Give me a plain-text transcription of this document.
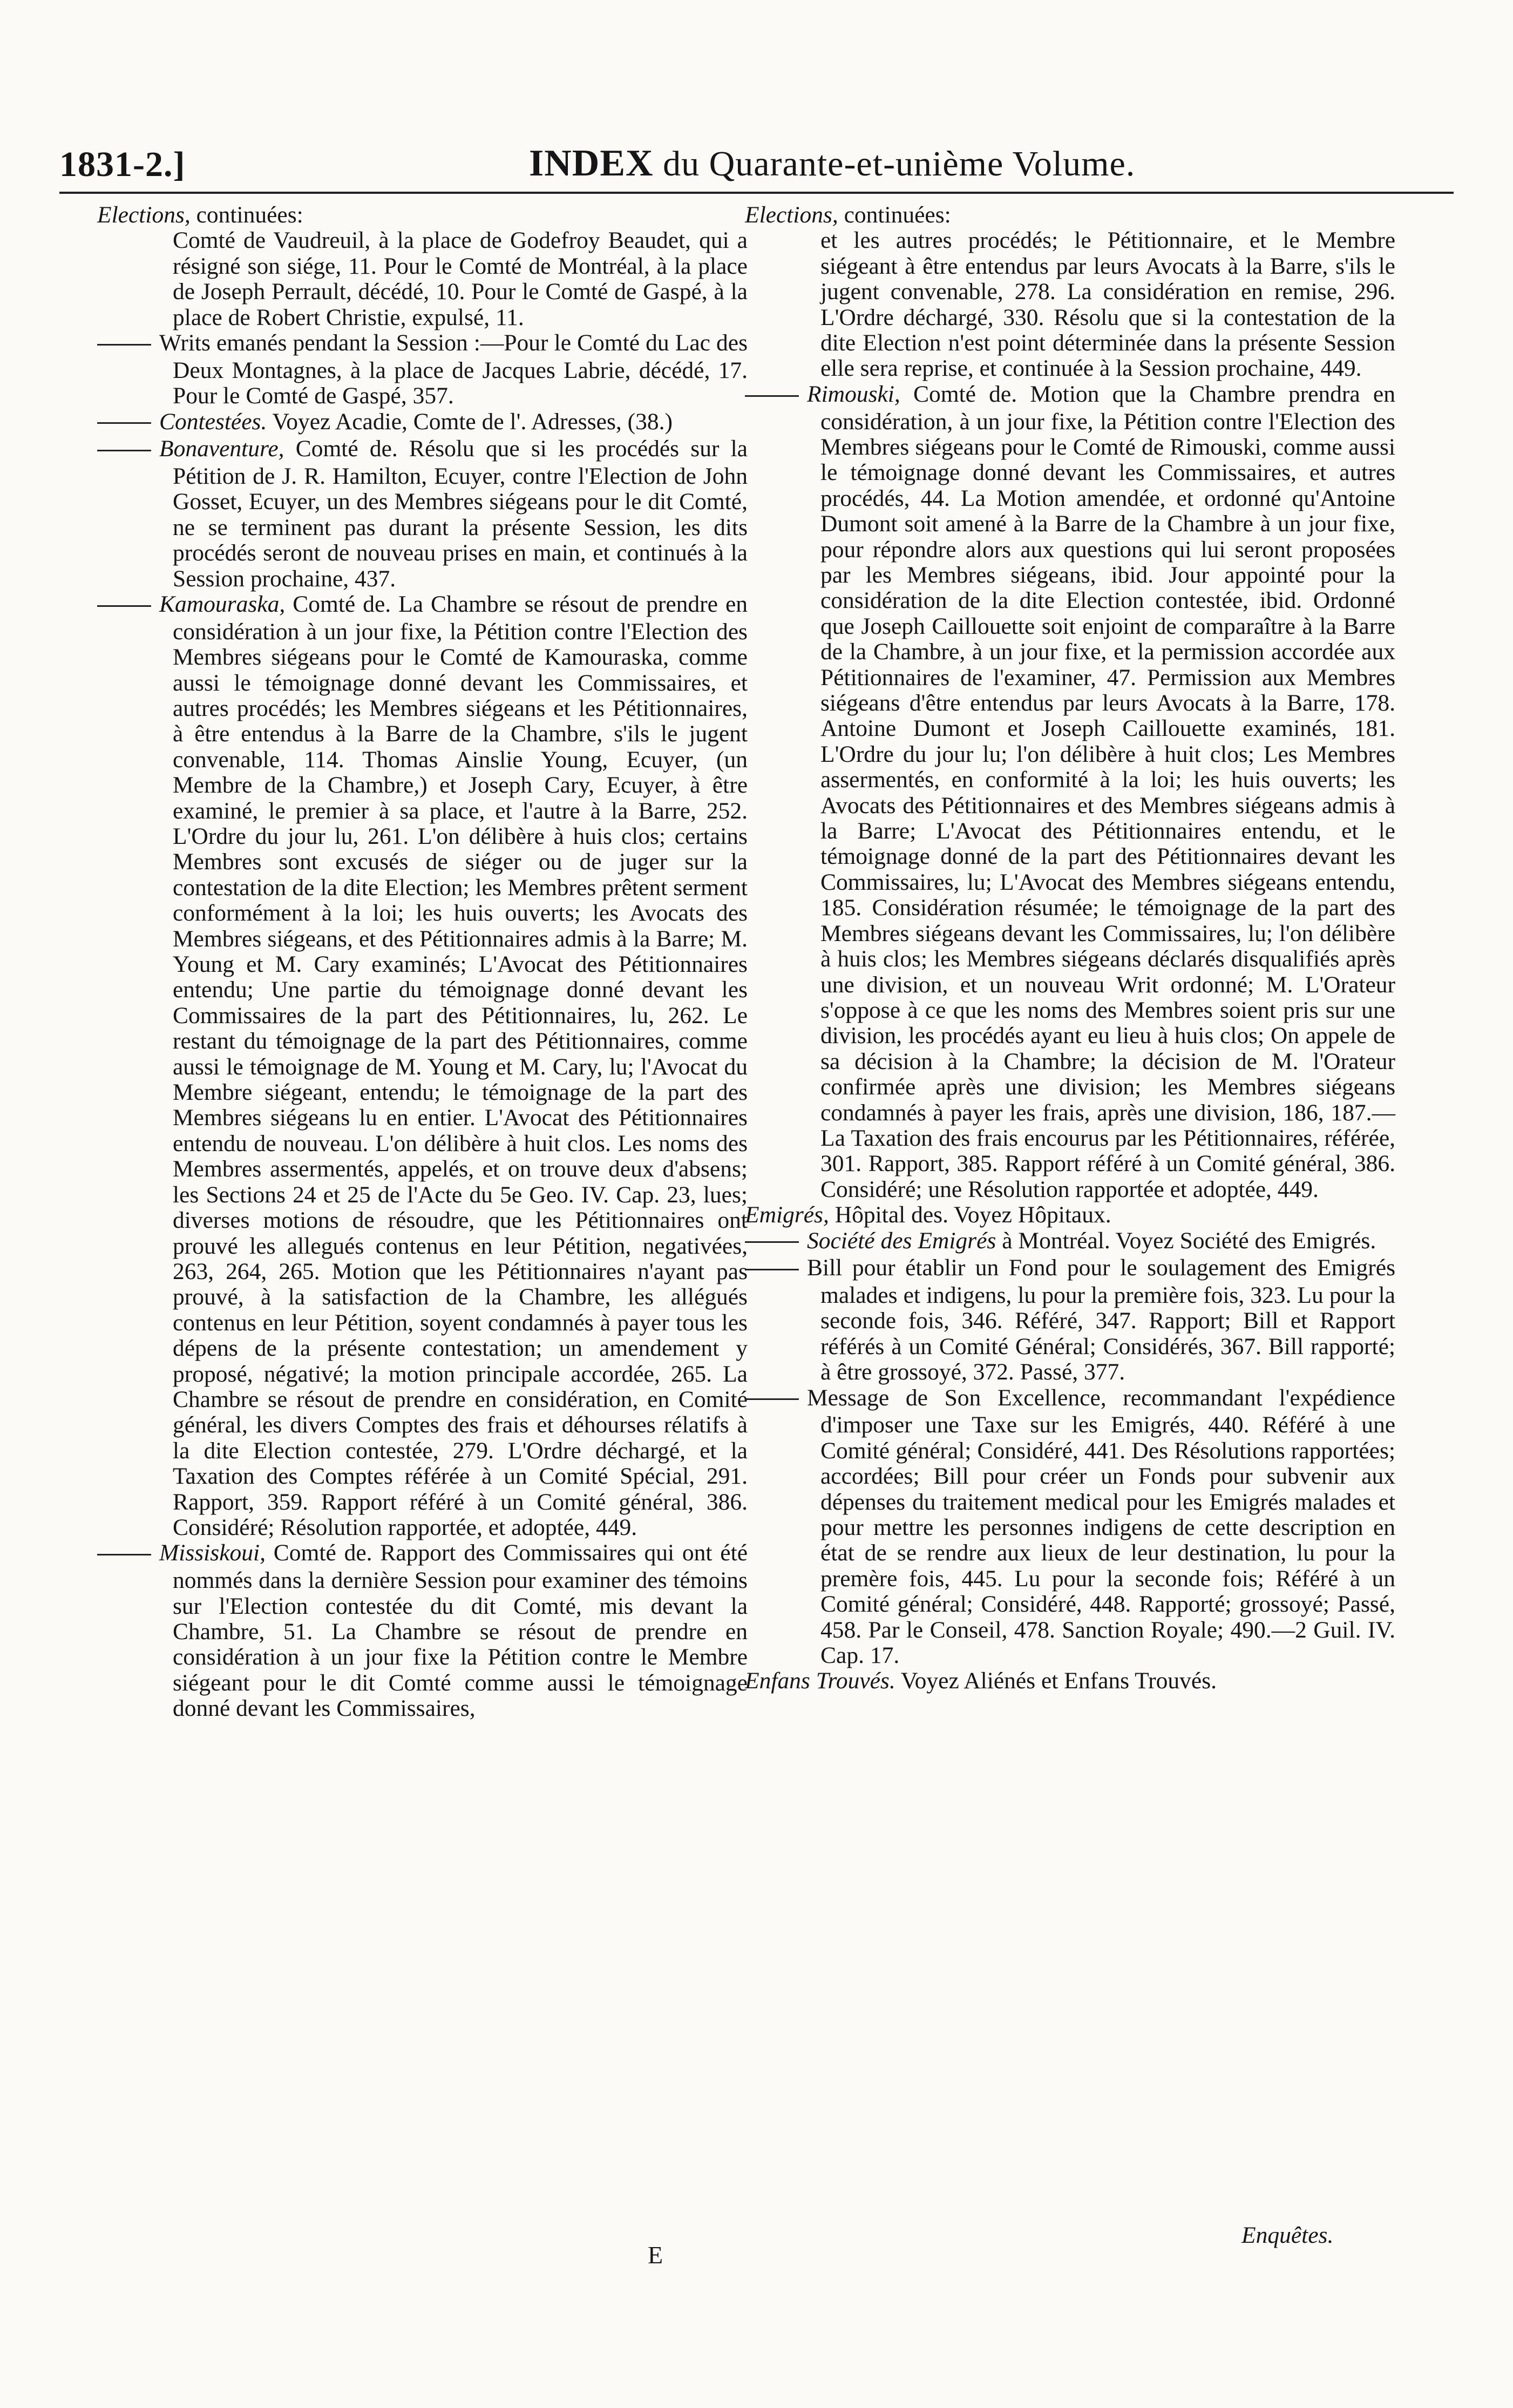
1831-2.]	INDEX du Quarante-et-unième Volume.

Elections, continuées:

Comté de Vaudreuil, à la place de Godefroy Beaudet, qui a résigné son siége, 11. Pour le Comté de Montréal, à la place de Joseph Perrault, décédé, 10. Pour le Comté de Gaspé, à la place de Robert Christie, expulsé, 11.

Writs emanés pendant la Session :—Pour le Comté du Lac des Deux Montagnes, à la place de Jacques Labrie, décédé, 17. Pour le Comté de Gaspé, 357.

Contestées. Voyez Acadie, Comte de l'. Adresses, (38.)

Bonaventure, Comté de. Résolu que si les procédés sur la Pétition de J. R. Hamilton, Ecuyer, contre l'Election de John Gosset, Ecuyer, un des Membres siégeans pour le dit Comté, ne se terminent pas durant la présente Session, les dits procédés seront de nouveau prises en main, et continués à la Session prochaine, 437.

Kamouraska, Comté de. La Chambre se résout de prendre en considération à un jour fixe, la Pétition contre l'Election des Membres siégeans pour le Comté de Kamouraska, comme aussi le témoignage donné devant les Commissaires, et autres procédés; les Membres siégeans et les Pétitionnaires, à être entendus à la Barre de la Chambre, s'ils le jugent convenable, 114. Thomas Ainslie Young, Ecuyer, (un Membre de la Chambre,) et Joseph Cary, Ecuyer, à être examiné, le premier à sa place, et l'autre à la Barre, 252. L'Ordre du jour lu, 261. L'on délibère à huis clos; certains Membres sont excusés de siéger ou de juger sur la contestation de la dite Election; les Membres prêtent serment conformément à la loi; les huis ouverts; les Avocats des Membres siégeans, et des Pétitionnaires admis à la Barre; M. Young et M. Cary examinés; L'Avocat des Pétitionnaires entendu; Une partie du témoignage donné devant les Commissaires de la part des Pétitionnaires, lu, 262. Le restant du témoignage de la part des Pétitionnaires, comme aussi le témoignage de M. Young et M. Cary, lu; l'Avocat du Membre siégeant, entendu; le témoignage de la part des Membres siégeans lu en entier. L'Avocat des Pétitionnaires entendu de nouveau. L'on délibère à huit clos. Les noms des Membres assermentés, appelés, et on trouve deux d'absens; les Sections 24 et 25 de l'Acte du 5e Geo. IV. Cap. 23, lues; diverses motions de résoudre, que les Pétitionnaires ont prouvé les allegués contenus en leur Pétition, negativées, 263, 264, 265. Motion que les Pétitionnaires n'ayant pas prouvé, à la satisfaction de la Chambre, les allégués contenus en leur Pétition, soyent condamnés à payer tous les dépens de la présente contestation; un amendement y proposé, négativé; la motion principale accordée, 265. La Chambre se résout de prendre en considération, en Comité général, les divers Comptes des frais et déhourses rélatifs à la dite Election contestée, 279. L'Ordre déchargé, et la Taxation des Comptes référée à un Comité Spécial, 291. Rapport, 359. Rapport référé à un Comité général, 386. Considéré; Résolution rapportée, et adoptée, 449.

Missiskoui, Comté de. Rapport des Commissaires qui ont été nommés dans la dernière Session pour examiner des témoins sur l'Election contestée du dit Comté, mis devant la Chambre, 51. La Chambre se résout de prendre en considération à un jour fixe la Pétition contre le Membre siégeant pour le dit Comté comme aussi le témoignage donné devant les Commissaires,

Elections, continuées:

et les autres procédés; le Pétitionnaire, et le Membre siégeant à être entendus par leurs Avocats à la Barre, s'ils le jugent convenable, 278. La considération en remise, 296. L'Ordre déchargé, 330. Résolu que si la contestation de la dite Election n'est point déterminée dans la présente Session elle sera reprise, et continuée à la Session prochaine, 449.

Rimouski, Comté de. Motion que la Chambre prendra en considération, à un jour fixe, la Pétition contre l'Election des Membres siégeans pour le Comté de Rimouski, comme aussi le témoignage donné devant les Commissaires, et autres procédés, 44. La Motion amendée, et ordonné qu'Antoine Dumont soit amené à la Barre de la Chambre à un jour fixe, pour répondre alors aux questions qui lui seront proposées par les Membres siégeans, ibid. Jour appointé pour la considération de la dite Election contestée, ibid. Ordonné que Joseph Caillouette soit enjoint de comparaître à la Barre de la Chambre, à un jour fixe, et la permission accordée aux Pétitionnaires de l'examiner, 47. Permission aux Membres siégeans d'être entendus par leurs Avocats à la Barre, 178. Antoine Dumont et Joseph Caillouette examinés, 181. L'Ordre du jour lu; l'on délibère à huit clos; Les Membres assermentés, en conformité à la loi; les huis ouverts; les Avocats des Pétitionnaires et des Membres siégeans admis à la Barre; L'Avocat des Pétitionnaires entendu, et le témoignage donné de la part des Pétitionnaires devant les Commissaires, lu; L'Avocat des Membres siégeans entendu, 185. Considération résumée; le témoignage de la part des Membres siégeans devant les Commissaires, lu; l'on délibère à huis clos; les Membres siégeans déclarés disqualifiés après une division, et un nouveau Writ ordonné; M. L'Orateur s'oppose à ce que les noms des Membres soient pris sur une division, les procédés ayant eu lieu à huis clos; On appele de sa décision à la Chambre; la décision de M. l'Orateur confirmée après une division; les Membres siégeans condamnés à payer les frais, après une division, 186, 187.— La Taxation des frais encourus par les Pétitionnaires, référée, 301. Rapport, 385. Rapport référé à un Comité général, 386. Considéré; une Résolution rapportée et adoptée, 449.

Emigrés, Hôpital des. Voyez Hôpitaux.

Société des Emigrés à Montréal. Voyez Société des Emigrés.

Bill pour établir un Fond pour le soulagement des Emigrés malades et indigens, lu pour la première fois, 323. Lu pour la seconde fois, 346. Référé, 347. Rapport; Bill et Rapport référés à un Comité Général; Considérés, 367. Bill rapporté; à être grossoyé, 372. Passé, 377.

Message de Son Excellence, recommandant l'expédience d'imposer une Taxe sur les Emigrés, 440. Référé à une Comité général; Considéré, 441. Des Résolutions rapportées; accordées; Bill pour créer un Fonds pour subvenir aux dépenses du traitement medical pour les Emigrés malades et pour mettre les personnes indigens de cette description en état de se rendre aux lieux de leur destination, lu pour la premère fois, 445. Lu pour la seconde fois; Référé à un Comité général; Considéré, 448. Rapporté; grossoyé; Passé, 458. Par le Conseil, 478. Sanction Royale; 490.—2 Guil. IV. Cap. 17.

Enfans Trouvés. Voyez Aliénés et Enfans Trouvés.

Enquêtes.
E
